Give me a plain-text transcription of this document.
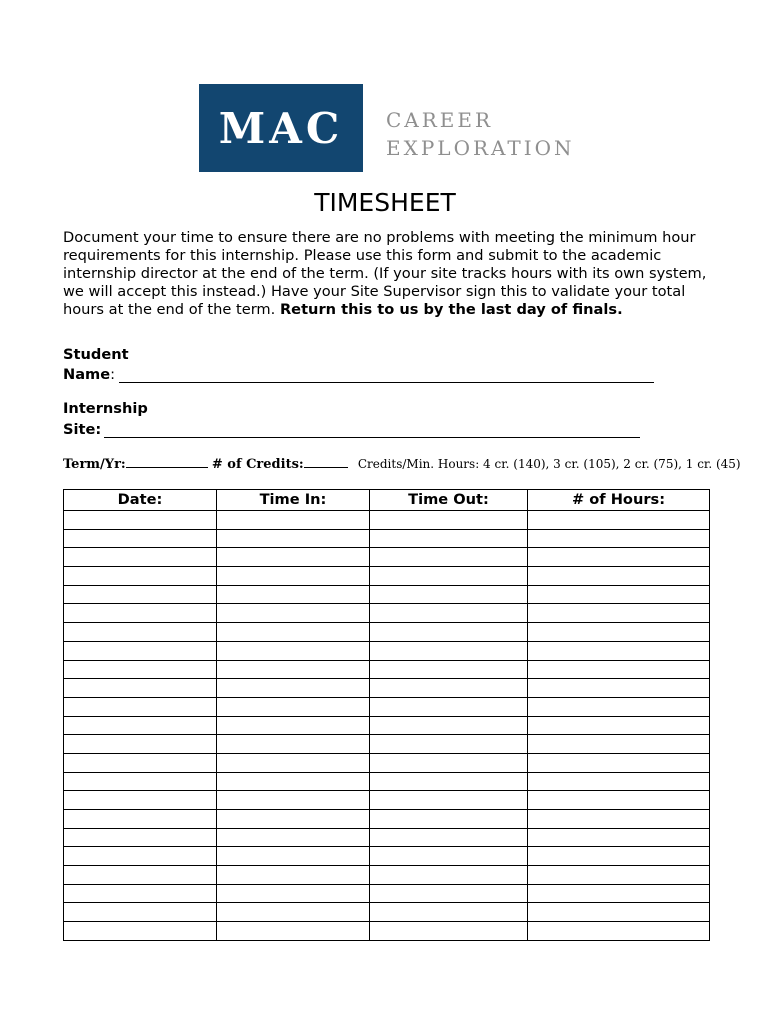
MAC CAREER
EXPLORATION
TIMESHEET
Document your time to ensure there are no problems with meeting the minimum hour requirements for this internship. Please use this form and submit to the academic internship director at the end of the term. (If your site tracks hours with its own system, we will accept this instead.) Have your Site Supervisor sign this to validate your total hours at the end of the term. Return this to us by the last day of finals.
Student
Name:
Internship
Site:
Term/Yr:	# of Credits:	Credits/Min. Hours: 4 cr. (140), 3 cr. (105), 2 cr. (75), 1 cr. (45)
Date:	Time In:	Time Out:	# of Hours:
